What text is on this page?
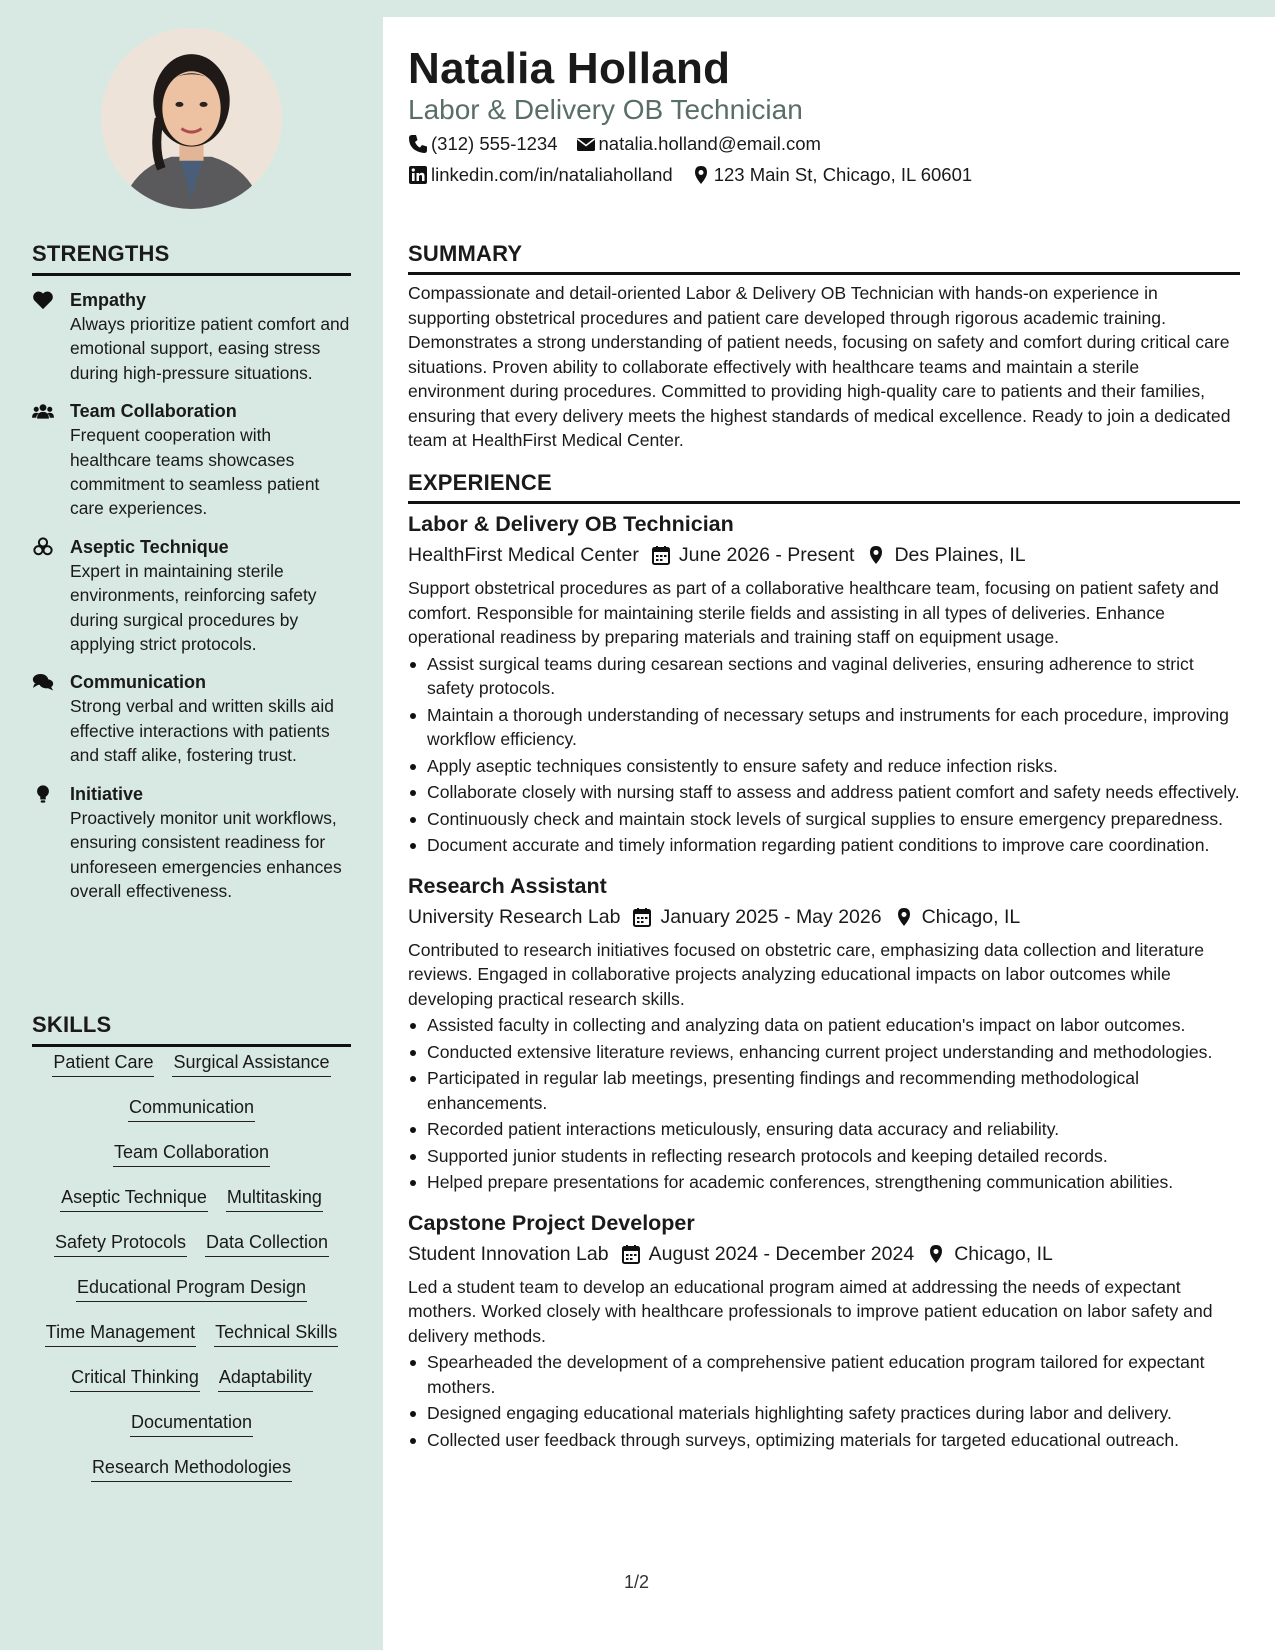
STRENGTHS
Empathy
Always prioritize patient comfort and emotional support, easing stress during high-pressure situations.
Team Collaboration
Frequent cooperation with healthcare teams showcases commitment to seamless patient care experiences.
Aseptic Technique
Expert in maintaining sterile environments, reinforcing safety during surgical procedures by applying strict protocols.
Communication
Strong verbal and written skills aid effective interactions with patients and staff alike, fostering trust.
Initiative
Proactively monitor unit workflows, ensuring consistent readiness for unforeseen emergencies enhances overall effectiveness.
SKILLS
Patient Care Surgical Assistance
Communication
Team Collaboration
Aseptic Technique Multitasking
Safety Protocols Data Collection
Educational Program Design
Time Management Technical Skills
Critical Thinking Adaptability
Documentation
Research Methodologies
Natalia Holland
Labor & Delivery OB Technician
(312) 555-1234 natalia.holland@email.com
linkedin.com/in/nataliaholland 123 Main St, Chicago, IL 60601
SUMMARY
Compassionate and detail-oriented Labor & Delivery OB Technician with hands-on experience in supporting obstetrical procedures and patient care developed through rigorous academic training. Demonstrates a strong understanding of patient needs, focusing on safety and comfort during critical care situations. Proven ability to collaborate effectively with healthcare teams and maintain a sterile environment during procedures. Committed to providing high-quality care to patients and their families, ensuring that every delivery meets the highest standards of medical excellence. Ready to join a dedicated team at HealthFirst Medical Center.
EXPERIENCE
Labor & Delivery OB Technician
HealthFirst Medical Center June 2026 - Present Des Plaines, IL
Support obstetrical procedures as part of a collaborative healthcare team, focusing on patient safety and comfort. Responsible for maintaining sterile fields and assisting in all types of deliveries. Enhance operational readiness by preparing materials and training staff on equipment usage.
Assist surgical teams during cesarean sections and vaginal deliveries, ensuring adherence to strict safety protocols.
Maintain a thorough understanding of necessary setups and instruments for each procedure, improving workflow efficiency.
Apply aseptic techniques consistently to ensure safety and reduce infection risks.
Collaborate closely with nursing staff to assess and address patient comfort and safety needs effectively.
Continuously check and maintain stock levels of surgical supplies to ensure emergency preparedness.
Document accurate and timely information regarding patient conditions to improve care coordination.
Research Assistant
University Research Lab January 2025 - May 2026 Chicago, IL
Contributed to research initiatives focused on obstetric care, emphasizing data collection and literature reviews. Engaged in collaborative projects analyzing educational impacts on labor outcomes while developing practical research skills.
Assisted faculty in collecting and analyzing data on patient education's impact on labor outcomes.
Conducted extensive literature reviews, enhancing current project understanding and methodologies.
Participated in regular lab meetings, presenting findings and recommending methodological enhancements.
Recorded patient interactions meticulously, ensuring data accuracy and reliability.
Supported junior students in reflecting research protocols and keeping detailed records.
Helped prepare presentations for academic conferences, strengthening communication abilities.
Capstone Project Developer
Student Innovation Lab August 2024 - December 2024 Chicago, IL
Led a student team to develop an educational program aimed at addressing the needs of expectant mothers. Worked closely with healthcare professionals to improve patient education on labor safety and delivery methods.
Spearheaded the development of a comprehensive patient education program tailored for expectant mothers.
Designed engaging educational materials highlighting safety practices during labor and delivery.
Collected user feedback through surveys, optimizing materials for targeted educational outreach.
1/2
